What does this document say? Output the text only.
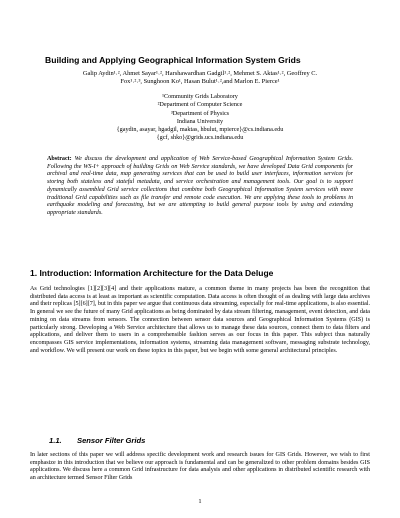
Building and Applying Geographical Information System Grids
Galip Aydin¹˒², Ahmet Sayar¹˒², Harshawardhan Gadgil¹˒², Mehmet S. Aktas¹˒², Geoffrey C.
Fox¹˒²˒³, Sunghoon Ko¹, Hasan Bulut¹˒²,and Marlon E. Pierce¹
¹Community Grids Laboratory
²Department of Computer Science
³Department of Physics
Indiana University
{gaydin, asayar, hgadgil, maktas, hbulut, mpierce}@cs.indiana.edu
{gcf, shko}@grids.ucs.indiana.edu

Abstract: We discuss the development and application of Web Service-based Geographical Information System Grids. Following the WS-I+ approach of building Grids on Web Service standards, we have developed Data Grid components for archival and real-time data, map generating services that can be used to build user interfaces, information services for storing both stateless and stateful metadata, and service orchestration and management tools. Our goal is to support dynamically assembled Grid service collections that combine both Geographical Information System services with more traditional Grid capabilities such as file transfer and remote code execution. We are applying these tools to problems in earthquake modeling and forecasting, but we are attempting to build general purpose tools by using and extending appropriate standards.

1. Introduction: Information Architecture for the Data Deluge

As Grid technologies [1][2][3][4] and their applications mature, a common theme in many projects has been the recognition that distributed data access is at least as important as scientific computation. Data access is often thought of as dealing with large data archives and their replicas [5][6][7], but in this paper we argue that continuous data streaming, especially for real-time applications, is also essential. In general we see the future of many Grid applications as being dominated by data stream filtering, management, event detection, and data mining on data streams from sensors. The connection between sensor data sources and Geographical Information Systems (GIS) is particularly strong. Developing a Web Service architecture that allows us to manage these data sources, connect them to data filters and applications, and deliver them to users in a comprehensible fashion serves as our focus in this paper. This subject thus naturally encompasses GIS service implementations, information systems, streaming data management software, messaging substrate technology, and workflow. We will present our work on these topics in this paper, but we begin with some general architectural principles.

1.1. Sensor Filter Grids

In later sections of this paper we will address specific development work and research issues for GIS Grids. However, we wish to first emphasize in this introduction that we believe our approach is fundamental and can be generalized to other problem domains besides GIS applications. We discuss here a common Grid infrastructure for data analysis and other applications in distributed scientific research with an architecture termed Sensor Filter Grids

1
